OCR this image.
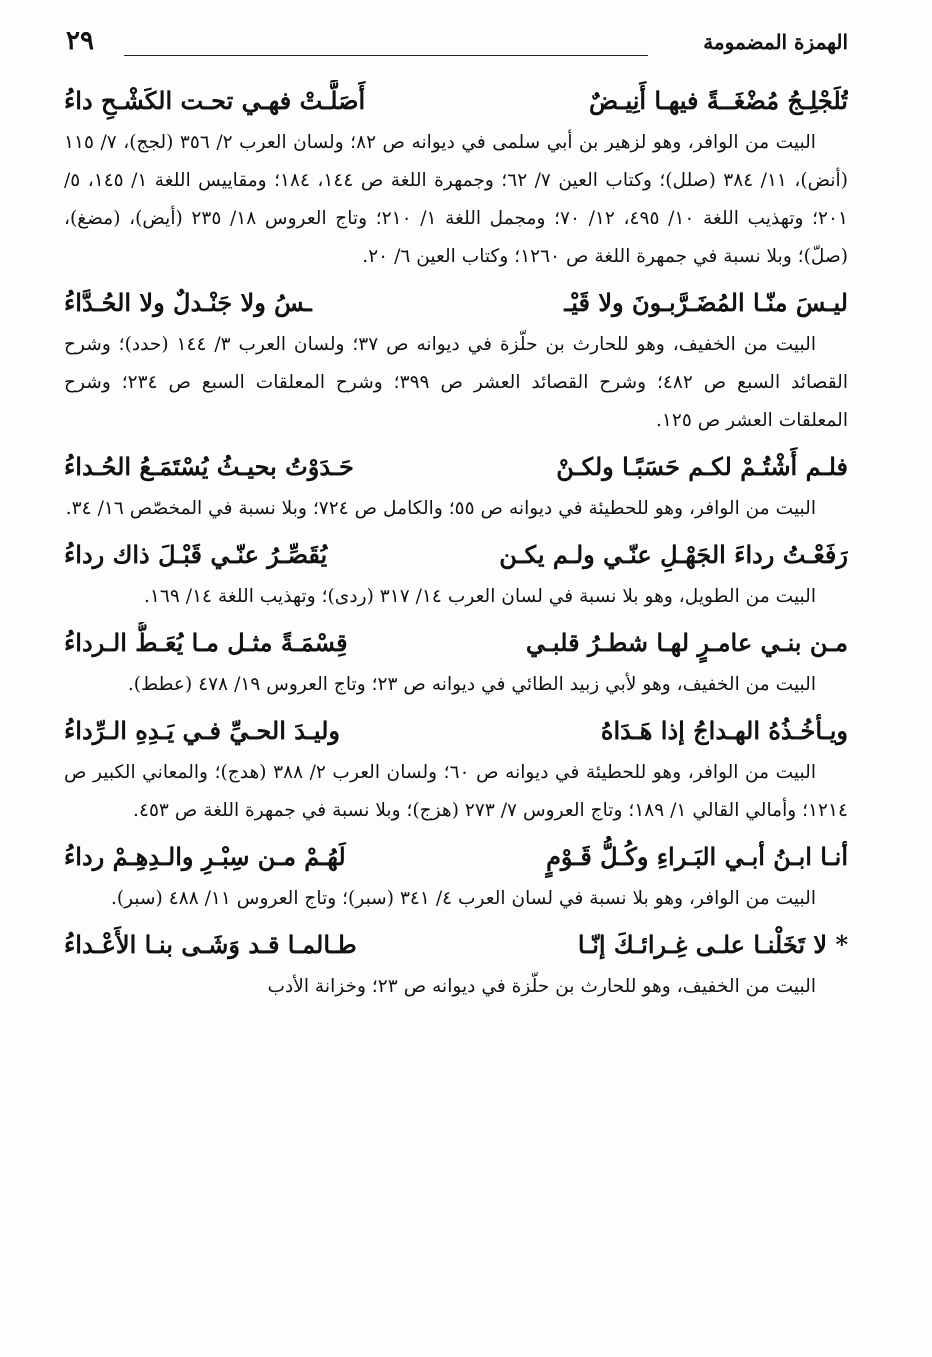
الهمزة المضمومة
٢٩
تُلَجْلِـجُ مُضْغَــةً فيهـا أَنِيـضٌ
أَصَلَّـتْ فهـي تحـت الكَشْـحِ داءُ

البيت من الوافر، وهو لزهير بن أبي سلمى في ديوانه ص ٨٢؛ ولسان العرب ٢/ ٣٥٦ (لجج)، ٧/ ١١٥ (أنض)، ١١/ ٣٨٤ (صلل)؛ وكتاب العين ٧/ ٦٢؛ وجمهرة اللغة ص ١٤٤، ١٨٤؛ ومقاييس اللغة ١/ ١٤٥، ٥/ ٢٠١؛ وتهذيب اللغة ١٠/ ٤٩٥، ١٢/ ٧٠؛ ومجمل اللغة ١/ ٢١٠؛ وتاج العروس ١٨/ ٢٣٥ (أيض)، (مضغ)، (صلّ)؛ وبلا نسبة في جمهرة اللغة ص ١٢٦٠؛ وكتاب العين ٦/ ٢٠.

ليـسَ منّـا المُضَـرَّبـونَ ولا قَيْـ
ـسُ ولا جَنْـدلٌ ولا الحُـدَّاءُ

البيت من الخفيف، وهو للحارث بن حلّزة في ديوانه ص ٣٧؛ ولسان العرب ٣/ ١٤٤ (حدد)؛ وشرح القصائد السبع ص ٤٨٢؛ وشرح القصائد العشر ص ٣٩٩؛ وشرح المعلقات السبع ص ٢٣٤؛ وشرح المعلقات العشر ص ١٢٥.

فلـم أَشْتُـمْ لكـم حَسَبًـا ولكـنْ
حَـدَوْتُ بحيـثُ يُسْتَمَـعُ الحُـداءُ

البيت من الوافر، وهو للحطيئة في ديوانه ص ٥٥؛ والكامل ص ٧٢٤؛ وبلا نسبة في المخصّص ١٦/ ٣٤.

رَفَعْـتُ رداءَ الجَهْـلِ عنّـي ولـم يكـن
يُقَصِّـرُ عنّـي قَبْـلَ ذاك رداءُ

البيت من الطويل، وهو بلا نسبة في لسان العرب ١٤/ ٣١٧ (ردى)؛ وتهذيب اللغة ١٤/ ١٦٩.

مـن بنـي عامـرٍ لهـا شطـرُ قلبـي
قِسْمَـةً مثـل مـا يُعَـطُّ الـرداءُ

البيت من الخفيف، وهو لأبي زبيد الطائي في ديوانه ص ٢٣؛ وتاج العروس ١٩/ ٤٧٨ (عطط).

ويـأخُـذُهُ الهـداجُ إذا هَـدَاهُ
وليـدَ الحـيِّ فـي يَـدِهِ الـرِّداءُ

البيت من الوافر، وهو للحطيئة في ديوانه ص ٦٠؛ ولسان العرب ٢/ ٣٨٨ (هدج)؛ والمعاني الكبير ص ١٢١٤؛ وأمالي القالي ١/ ١٨٩؛ وتاج العروس ٧/ ٢٧٣ (هزج)؛ وبلا نسبة في جمهرة اللغة ص ٤٥٣.

أنـا ابـنُ أبـي البَـراءِ وكُـلُّ قَـوْمٍ
لَهُـمْ مـن سِبْـرِ والـدِهِـمْ رداءُ

البيت من الوافر، وهو بلا نسبة في لسان العرب ٤/ ٣٤١ (سبر)؛ وتاج العروس ١١/ ٤٨٨ (سبر).

* لا تَخَلْنـا علـى غِـرائـكَ إنّـا
طـالمـا قـد وَشَـى بنـا الأَعْـداءُ

البيت من الخفيف، وهو للحارث بن حلّزة في ديوانه ص ٢٣؛ وخزانة الأدب
